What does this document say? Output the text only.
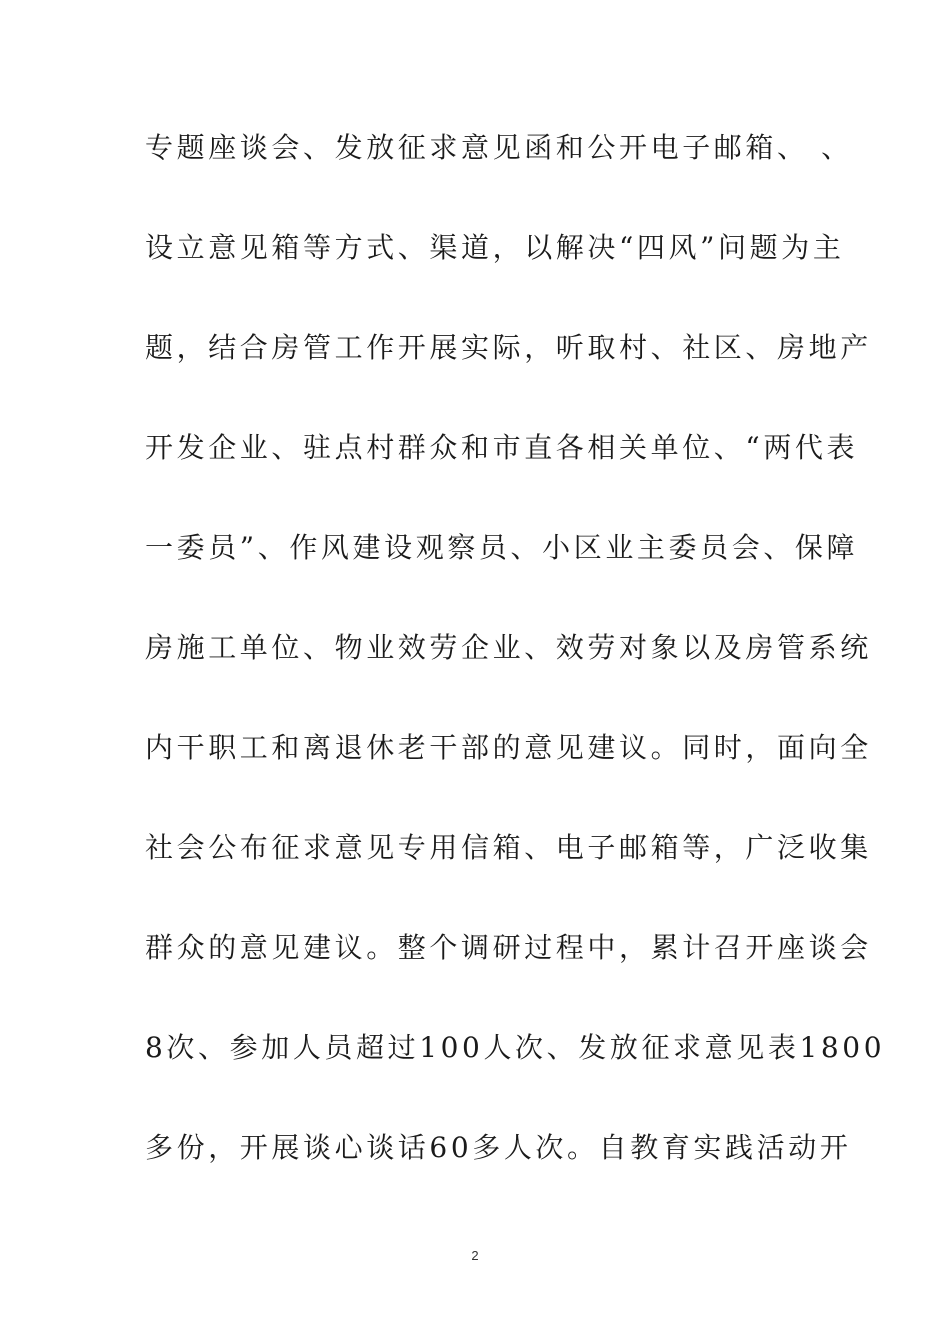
专题座谈会、发放征求意见函和公开电子邮箱、 、
设立意见箱等方式、渠道，以解决“四风”问题为主
题，结合房管工作开展实际，听取村、社区、房地产
开发企业、驻点村群众和市直各相关单位、“两代表
一委员”、作风建设观察员、小区业主委员会、保障
房施工单位、物业效劳企业、效劳对象以及房管系统
内干职工和离退休老干部的意见建议。同时，面向全
社会公布征求意见专用信箱、电子邮箱等，广泛收集
群众的意见建议。整个调研过程中，累计召开座谈会
8次、参加人员超过100人次、发放征求意见表1800
多份，开展谈心谈话60多人次。自教育实践活动开
2
